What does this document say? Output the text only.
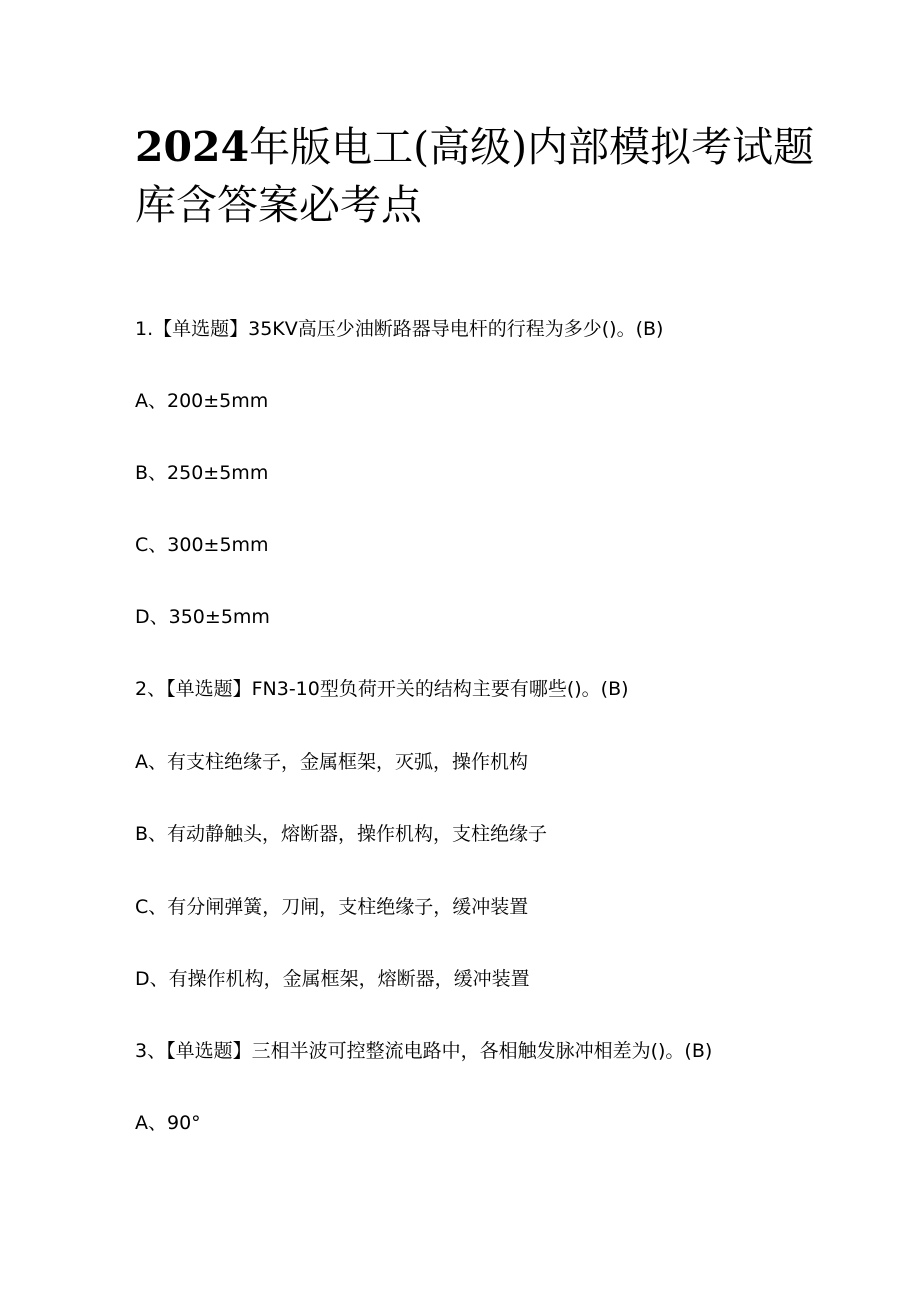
2024年版电工(高级)内部模拟考试题库含答案必考点

1.【单选题】35KV高压少油断路器导电杆的行程为多少()。(B)

A、200±5mm

B、250±5mm

C、300±5mm

D、350±5mm

2、【单选题】FN3-10型负荷开关的结构主要有哪些()。(B)

A、有支柱绝缘子，金属框架，灭弧，操作机构

B、有动静触头，熔断器，操作机构，支柱绝缘子

C、有分闸弹簧，刀闸，支柱绝缘子，缓冲装置

D、有操作机构，金属框架，熔断器，缓冲装置

3、【单选题】三相半波可控整流电路中，各相触发脉冲相差为()。(B)

A、90°
